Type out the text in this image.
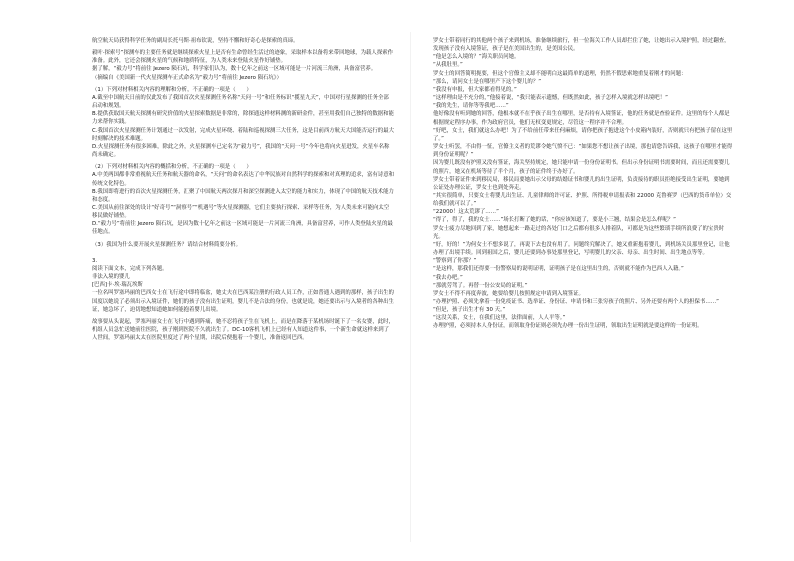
航空航天局获得科学任务的副局长托马斯·祖布钦说，坚持不懈和好奇心是探索的真谛。

毅叶·探索号”探测车的主要任务就是继续探索火星上是否有生命曾经生活过的迹象，采取样本以备将来带回地球，为载人探索作准备。此外，它还会探测火星的气候和地质特征，为人类未来登陆火星作好铺垫。

据了解，“毅力号”将前往 Jezero 陨石坑，科学家们认为，数十亿年之前这一区域可能是一片河流三角洲，具备富营养。

（摘编自《美国新一代火星探测车正式命名为“毅力号”将前往 Jezero 陨石坑》）

（1）下列对材料相关内容的理解和分析，不正确的一项是（　　）

A.截至中国航天日前的仅此发布了我国首次火星探测任务名称“天问一号”和任务标识“揽星九天”，中国对行星探测的任务全部启动和规划。

B.提供获取国天航天探测有研究价值的火星探索数据是非常的，除探通这样材料测的新研金件，甚至用我们自己独特的数据和能力来帮你实践。

C.我国首次火星探测任务计划通过一次发射，完成火星环绕、着陆和巡视探测三大任务，这是目前西方航天大国能否运行的最大时刻解决的技术难题。

D.火星探测任务有很多困难，除此之外，火星探测车已定名为“毅力号”，我国的“天问一号”今年也将向火星进发，火星车名称尚未确定。

（2）下列对材料相关内容的概括和分析，不正确的一项是（　　）

A.中美两国都非常重视航天任务和航天器的命名，“天问”的命名表达了中华民族对自然科学的探索和对真理的追求，富有诗意和传统文化特色。

B.我国即将进行的首次火星探测任务，汇聚了中国航天两次探月和深空探测进入太空的能力和实力，体现了中国的航天技术能力和态度。

C.美国从前往深处的设计“好奇号”“洞察号”“机遇号”等火星探测器，它们主要执行探索、采样等任务，为人类未来可能向太空移民做好铺垫。

D.“毅力号”将前往 Jezero 陨石坑，是因为数十亿年之前这一区域可能是一片河流三角洲，具备富营养，可作人类登陆火星的最佳地点。

（3）我国为什么要开展火星探测任务？请结合材料简要分析。

3.

阅读下面文本，完成下列各题。

非法入境的婴儿

[巴西]卡·埃·瑞瓦埃斯

一位名叫罗塞玛丽的巴西女士在飞行途中即将临盆，她丈夫在巴西某注册的行政人员工作，正如普通人遇到的那样，孩子出生的国度以她说了必须出示入境证件，她们的孩子没有出生证明，婴儿不是合法的身份，也就是说，她还要出示与入境者的各种出生证，她急坏了，迫切地想知道她如何能抱着婴儿出境。

故事要从头说起，罗塞玛丽女士在飞行中遇到阵痛，她不忍将孩子生在飞机上，而是在降落于某机场时诞下了一名女婴，此时，机组人员急忙送她前往医院，孩子刚到医院不久就出生了。DC-10客机飞机上已经有人知道这件事，一个新生命就这样来到了人世间，罗塞玛丽太太在医院里度过了两个星期，出院后便抱着一个婴儿，准备返回巴西。

罗女士带着同行的其他两个孩子来到机场，准备继续旅行，但一位海关工作人员却拦住了她，让她出示入境护照，经过翻查，发现孩子没有入境签证，孩子是在美国出生的，是美国公民。

“他是怎么入境的？”海关职员问她。

“从我肚里。”

罗女士的回答简明扼要，但这个官僚主义却不能明白这最简单的道理，仍然不假思索地重复着刚才的问题：

“那么，请问女士是在哪里产下这个婴儿的？”

“我没有申报，但大家都看得见的。”

“这样理由是不充分的，”他接着说，“我只能表示遗憾，但既然如此，孩子怎样入境就怎样出境吧！”

“我的先生，请你等等我吧……”

他好像没有听到她的回答，他根本就不在乎孩子出生在哪里，是否持有入境签证，他的任务就是查验证件。这里的每个人都是根据规定程序办事，作为政府官员，他们无权变更规定，尽管这一程序并不合理。

“好吧，女士，我们就这么办吧！为了不给前任带来任何麻烦，请你把孩子抱进这个小皮箱内装好，否则就只有把孩子留在这里了。”

罗女士听罢，不由得一怔，官僚主义者的荒谬令她气愤不已：“如果您不想让孩子出境，那也请您告诉我，这孩子在哪里才能得到身份证明呢？”

因为婴儿既没有护照又没有签证，海关坚持规定，她只能申请一份身份证明书。但出示身份证明书需要时间，而且还需要婴儿的照片，她又在机场等待了半个月，孩子的证件终于办好了。

罗女士带着证件来到移民局，移民局要她出示父母的结婚证书和婴儿的出生证明，负责接待的职员拒绝接受出生证明，要她到公证处办理公证，罗女士也到处奔走。

“其实很简单，只要女士将婴儿出生证、儿童律师的许可证、护照、所得税申请报表和 22000 克鲁赛罗（巴西的货币单位）交给我们就可以了。”

“22000！这太荒谬了……”

“得了，得了，我的女士……”场长打断了她的话，“你应该知道了，要是小三翘，结果会是怎么样呢？”

罗女士疲力尽地回到了家，她想起来一路走过的各处门口之后都有很多人排着队，可都是为这些繁琐手续所浪费了的宝贵时光。

“好，好的！”为何女士不想多说了，再说下去也没有用了。问题终究解决了，她又重新抱着婴儿，到机场关员那里登记，让他办理了出境手续。回到祖国之后，婴儿还要到办事处那里登记，写明婴儿的父亲、母亲、出生时间、出生地点等等。

“警察到了你那？”

“是这样，那我们还得要一份警察局的说明证明，证明孩子是在这里出生的，否则就不能作为巴西人入籍。”

“我去办吧。”

“那就劳驾了。再替一份公安局的证明。”

罗女士不得不再度奔波，她要给婴儿按照规定申请到入境签证。

“办理护照、必须先拿着一份免疫证书、选举证、身份证、申请书和三张穷孩子的照片、另外还要有两个人的担保书……”

“但是，孩子出生才有 30 天。”

“这没关系，女士，在我们这里，法律面前，人人平等。”

办理护照，必须持本人身份证，而领取身份证则必须先办理一份出生证明，领取出生证明就是要这样的一份证明。
